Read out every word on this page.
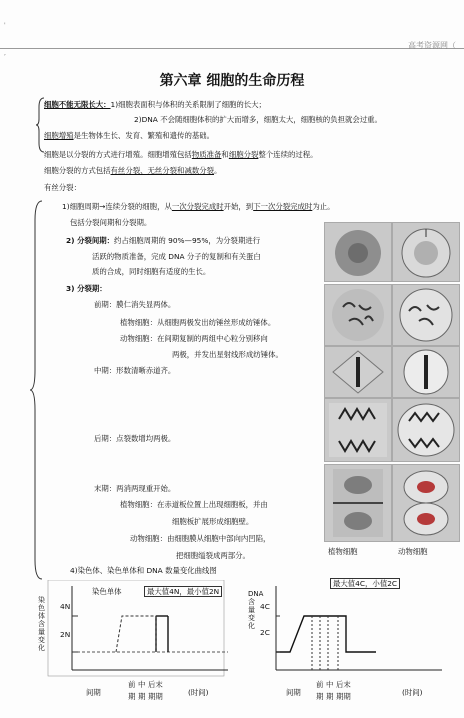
高考资源网（
'
,
第六章 细胞的生命历程
细胞不能无限长大：1)细胞表面积与体积的关系限制了细胞的长大；
2)DNA 不会随细胞体积的扩大而增多，细胞太大，细胞核的负担就会过重。
细胞增殖是生物体生长、发育、繁殖和遗传的基础。
细胞是以分裂的方式进行增殖。细胞增殖包括物质准备和细胞分裂整个连续的过程。
细胞分裂的方式包括有丝分裂、无丝分裂和减数分裂。
有丝分裂：
1)细胞周期→连续分裂的细胞，从一次分裂完成时开始，到下一次分裂完成时为止。
包括分裂间期和分裂期。
2) 分裂间期：约占细胞周期的 90%—95%，为分裂期进行
活跃的物质准备，完成 DNA 分子的复制和有关蛋白
质的合成，同时细胞有适度的生长。
3) 分裂期：
前期：膜仁消失显两体。
植物细胞：从细胞两极发出纺锤丝形成纺锤体。
动物细胞：在间期复制的两组中心粒分别移向
两极，并发出星射线形成纺锤体。
中期：形数清晰赤道齐。
后期：点裂数增均两极。
末期：两消两现重开始。
植物细胞：在赤道板位置上出现细胞板，并由
细胞板扩展形成细胞壁。
动物细胞：由细胞膜从细胞中部向内凹陷，
把细胞缢裂成两部分。
4)染色体、染色单体和 DNA 数量变化曲线图
植物细胞	动物细胞
染色体含量变化
4N
2N
染色单体	最大值4N，最小值2N
间期
前 中 后末
期 期 期期	(时间)
DNA含量变化
4C
2C
最大值4C，小值2C
间期
前 中 后末
期 期 期期	(时间)
